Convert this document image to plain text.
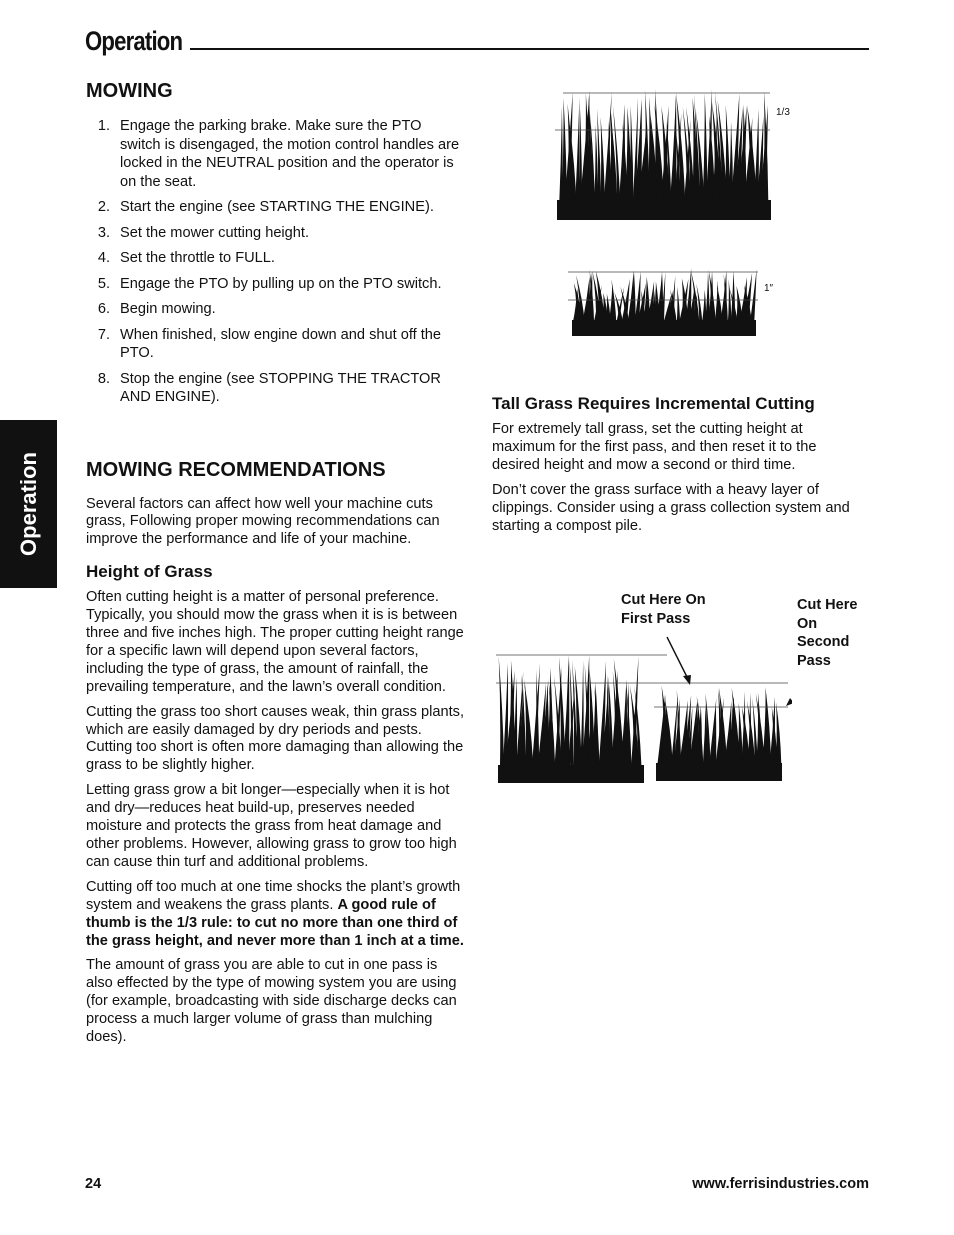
Operation
Operation
MOWING
1. Engage the parking brake. Make sure the PTO switch is disengaged, the motion control handles are locked in the NEUTRAL position and the operator is on the seat.
2. Start the engine (see STARTING THE ENGINE).
3. Set the mower cutting height.
4. Set the throttle to FULL.
5. Engage the PTO by pulling up on the PTO switch.
6. Begin mowing.
7. When finished, slow engine down and shut off the PTO.
8. Stop the engine (see STOPPING THE TRACTOR AND ENGINE).
MOWING RECOMMENDATIONS

Several factors can affect how well your machine cuts grass, Following proper mowing recommendations can improve the performance and life of your machine.

Height of Grass

Often cutting height is a matter of personal preference. Typically, you should mow the grass when it is is between three and five inches high. The proper cutting height range for a specific lawn will depend upon several factors, including the type of grass, the amount of rainfall, the prevailing temperature, and the lawn’s overall condition.

Cutting the grass too short causes weak, thin grass plants, which are easily damaged by dry periods and pests. Cutting too short is often more damaging than allowing the grass to be slightly higher.

Letting grass grow a bit longer—especially when it is hot and dry—reduces heat build-up, preserves needed moisture and protects the grass from heat damage and other problems. However, allowing grass to grow too high can cause thin turf and additional problems.

Cutting off too much at one time shocks the plant’s growth system and weakens the grass plants. A good rule of thumb is the 1/3 rule: to cut no more than one third of the grass height, and never more than 1 inch at a time.

The amount of grass you are able to cut in one pass is also effected by the type of mowing system you are using (for example, broadcasting with side discharge decks can process a much larger volume of grass than mulching does).

1/3
1″
Tall Grass Requires Incremental Cutting

For extremely tall grass, set the cutting height at maximum for the first pass, and then reset it to the desired height and mow a second or third time.

Don’t cover the grass surface with a heavy layer of clippings. Consider using a grass collection system and starting a compost pile.

Cut Here On First Pass
Cut Here On Second Pass
24	www.ferrisindustries.com
